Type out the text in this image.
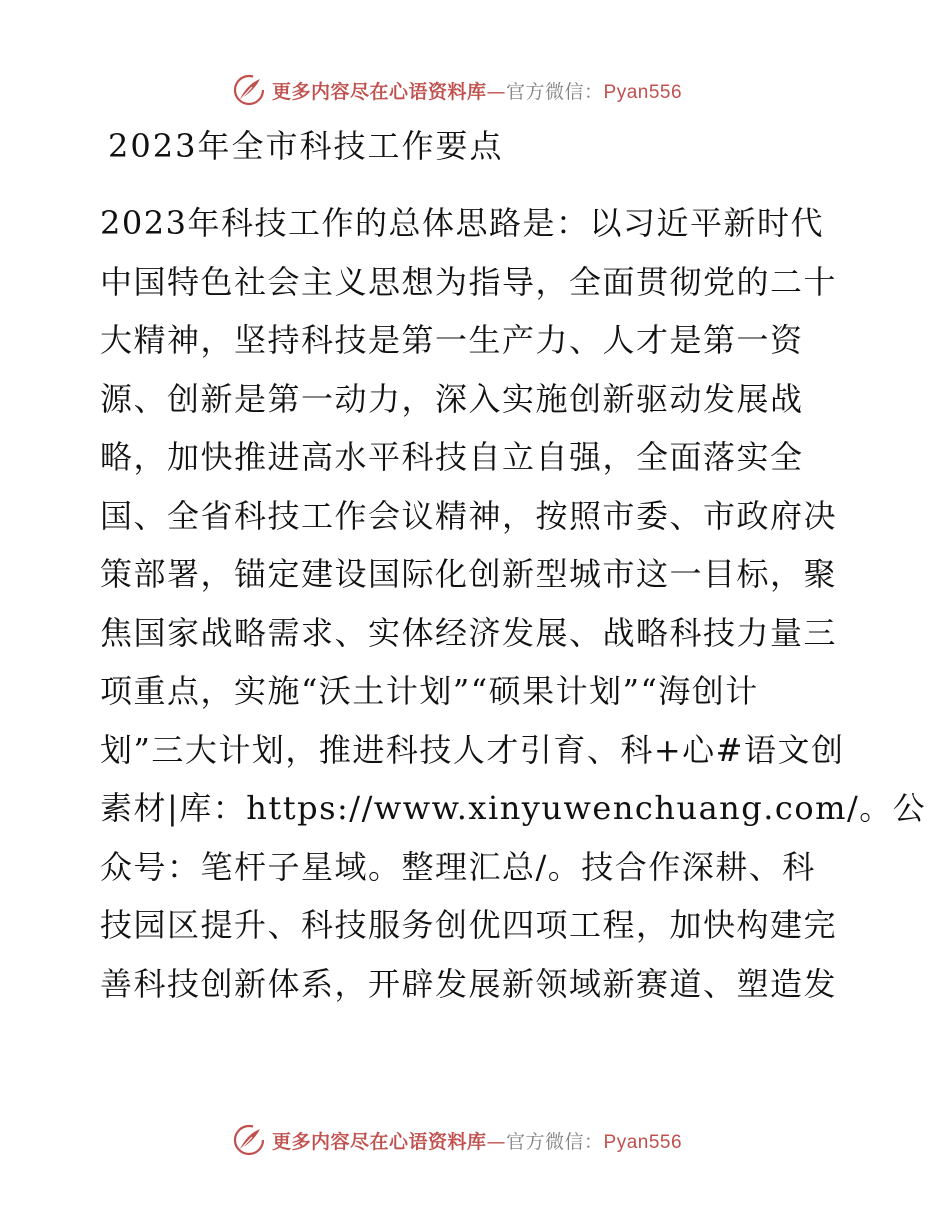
更多内容尽在心语资料库—官方微信：Pyan556
2023年全市科技工作要点
2023年科技工作的总体思路是：以习近平新时代
中国特色社会主义思想为指导，全面贯彻党的二十
大精神，坚持科技是第一生产力、人才是第一资
源、创新是第一动力，深入实施创新驱动发展战
略，加快推进高水平科技自立自强，全面落实全
国、全省科技工作会议精神，按照市委、市政府决
策部署，锚定建设国际化创新型城市这一目标，聚
焦国家战略需求、实体经济发展、战略科技力量三
项重点，实施“沃土计划”“硕果计划”“海创计
划”三大计划，推进科技人才引育、科+心#语文创
素材|库：https://www.xinyuwenchuang.com/。公
众号：笔杆子星域。整理汇总/。技合作深耕、科
技园区提升、科技服务创优四项工程，加快构建完
善科技创新体系，开辟发展新领域新赛道、塑造发
更多内容尽在心语资料库—官方微信：Pyan556
